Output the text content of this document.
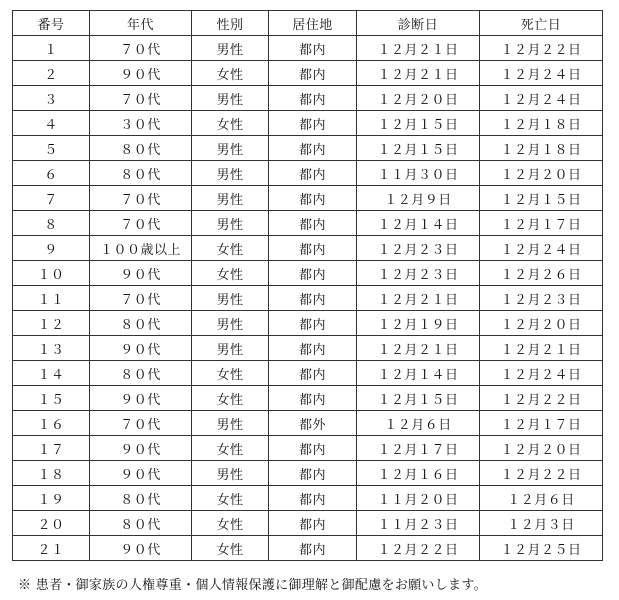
番号	年代	性別	居住地	診断日	死亡日
１	７０代	男性	都内	１２月２１日	１２月２２日
２	９０代	女性	都内	１２月２１日	１２月２４日
３	７０代	男性	都内	１２月２０日	１２月２４日
４	３０代	女性	都内	１２月１５日	１２月１８日
５	８０代	男性	都内	１２月１５日	１２月１８日
６	８０代	男性	都内	１１月３０日	１２月２０日
７	７０代	男性	都内	１２月９日	１２月１５日
８	７０代	男性	都内	１２月１４日	１２月１７日
９	１００歳以上	女性	都内	１２月２３日	１２月２４日
１０	９０代	女性	都内	１２月２３日	１２月２６日
１１	７０代	男性	都内	１２月２１日	１２月２３日
１２	８０代	男性	都内	１２月１９日	１２月２０日
１３	９０代	男性	都内	１２月２１日	１２月２１日
１４	８０代	女性	都内	１２月１４日	１２月２４日
１５	９０代	女性	都内	１２月１５日	１２月２２日
１６	７０代	男性	都外	１２月６日	１２月１７日
１７	９０代	女性	都内	１２月１７日	１２月２０日
１８	９０代	男性	都内	１２月１６日	１２月２２日
１９	８０代	女性	都内	１１月２０日	１２月６日
２０	８０代	女性	都内	１１月２３日	１２月３日
２１	９０代	女性	都内	１２月２２日	１２月２５日
※ 患者・御家族の人権尊重・個人情報保護に御理解と御配慮をお願いします。
